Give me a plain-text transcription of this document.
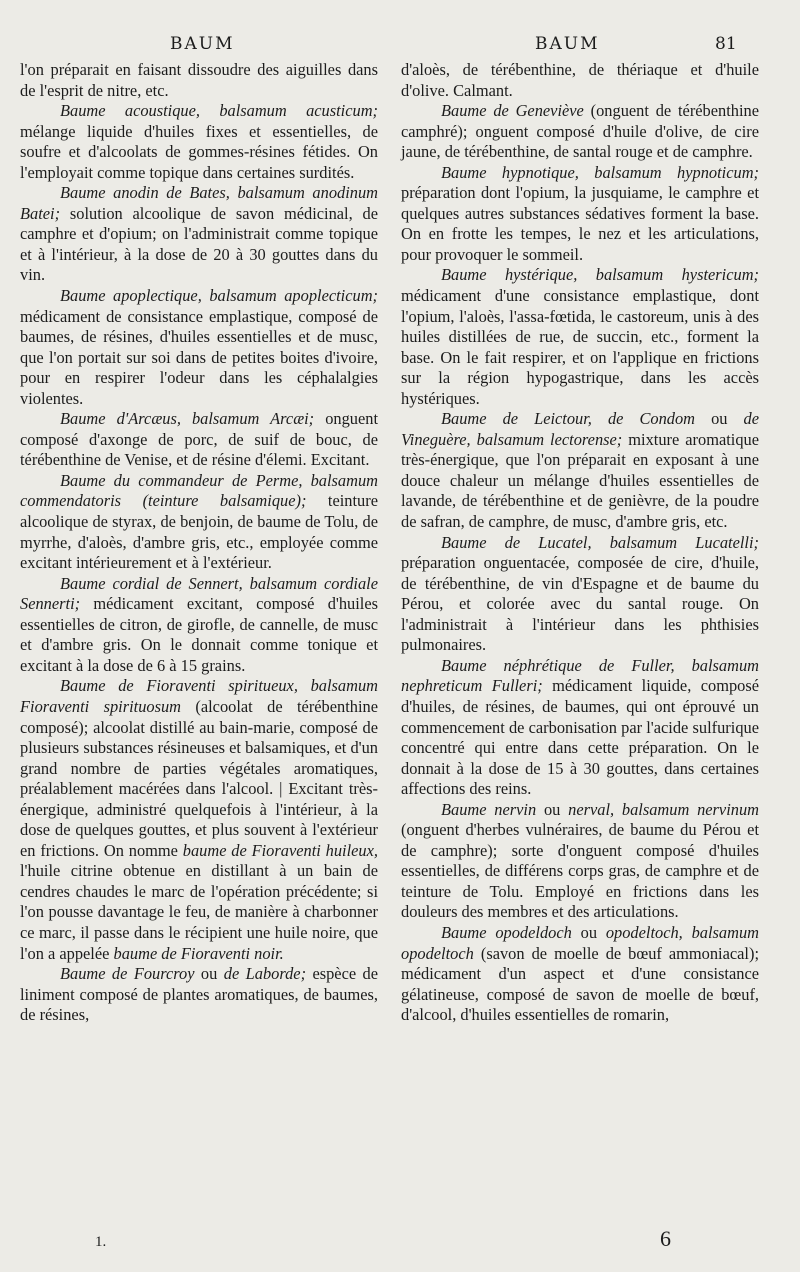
BAUM	BAUM	81

l'on préparait en faisant dissoudre des aiguilles dans de l'esprit de nitre, etc.

Baume acoustique, balsamum acusticum; mélange liquide d'huiles fixes et essentielles, de soufre et d'alcoolats de gommes-résines fétides. On l'employait comme topique dans certaines surdités.

Baume anodin de Bates, balsamum anodinum Batei; solution alcoolique de savon médicinal, de camphre et d'opium; on l'administrait comme topique et à l'intérieur, à la dose de 20 à 30 gouttes dans du vin.

Baume apoplectique, balsamum apoplecticum; médicament de consistance emplastique, composé de baumes, de résines, d'huiles essentielles et de musc, que l'on portait sur soi dans de petites boites d'ivoire, pour en respirer l'odeur dans les céphalalgies violentes.

Baume d'Arcæus, balsamum Arcæi; onguent composé d'axonge de porc, de suif de bouc, de térébenthine de Venise, et de résine d'élemi. Excitant.

Baume du commandeur de Perme, balsamum commendatoris (teinture balsamique); teinture alcoolique de styrax, de benjoin, de baume de Tolu, de myrrhe, d'aloès, d'ambre gris, etc., employée comme excitant intérieurement et à l'extérieur.

Baume cordial de Sennert, balsamum cordiale Sennerti; médicament excitant, composé d'huiles essentielles de citron, de girofle, de cannelle, de musc et d'ambre gris. On le donnait comme tonique et excitant à la dose de 6 à 15 grains.

Baume de Fioraventi spiritueux, balsamum Fioraventi spirituosum (alcoolat de térébenthine composé); alcoolat distillé au bain-marie, composé de plusieurs substances résineuses et balsamiques, et d'un grand nombre de parties végétales aromatiques, préalablement macérées dans l'alcool. | Excitant très-énergique, administré quelquefois à l'intérieur, à la dose de quelques gouttes, et plus souvent à l'extérieur en frictions. On nomme baume de Fioraventi huileux, l'huile citrine obtenue en distillant à un bain de cendres chaudes le marc de l'opération précédente; si l'on pousse davantage le feu, de manière à charbonner ce marc, il passe dans le récipient une huile noire, que l'on a appelée baume de Fioraventi noir.

Baume de Fourcroy ou de Laborde; espèce de liniment composé de plantes aromatiques, de baumes, de résines,

d'aloès, de térébenthine, de thériaque et d'huile d'olive. Calmant.

Baume de Geneviève (onguent de térébenthine camphré); onguent composé d'huile d'olive, de cire jaune, de térébenthine, de santal rouge et de camphre.

Baume hypnotique, balsamum hypnoticum; préparation dont l'opium, la jusquiame, le camphre et quelques autres substances sédatives forment la base. On en frotte les tempes, le nez et les articulations, pour provoquer le sommeil.

Baume hystérique, balsamum hystericum; médicament d'une consistance emplastique, dont l'opium, l'aloès, l'assa-fœtida, le castoreum, unis à des huiles distillées de rue, de succin, etc., forment la base. On le fait respirer, et on l'applique en frictions sur la région hypogastrique, dans les accès hystériques.

Baume de Leictour, de Condom ou de Vineguère, balsamum lectorense; mixture aromatique très-énergique, que l'on préparait en exposant à une douce chaleur un mélange d'huiles essentielles de lavande, de térébenthine et de genièvre, de la poudre de safran, de camphre, de musc, d'ambre gris, etc.

Baume de Lucatel, balsamum Lucatelli; préparation onguentacée, composée de cire, d'huile, de térébenthine, de vin d'Espagne et de baume du Pérou, et colorée avec du santal rouge. On l'administrait à l'intérieur dans les phthisies pulmonaires.

Baume néphrétique de Fuller, balsamum nephreticum Fulleri; médicament liquide, composé d'huiles, de résines, de baumes, qui ont éprouvé un commencement de carbonisation par l'acide sulfurique concentré qui entre dans cette préparation. On le donnait à la dose de 15 à 30 gouttes, dans certaines affections des reins.

Baume nervin ou nerval, balsamum nervinum (onguent d'herbes vulnéraires, de baume du Pérou et de camphre); sorte d'onguent composé d'huiles essentielles, de différens corps gras, de camphre et de teinture de Tolu. Employé en frictions dans les douleurs des membres et des articulations.

Baume opodeldoch ou opodeltoch, balsamum opodeltoch (savon de moelle de bœuf ammoniacal); médicament d'un aspect et d'une consistance gélatineuse, composé de savon de moelle de bœuf, d'alcool, d'huiles essentielles de romarin,

1.	6
